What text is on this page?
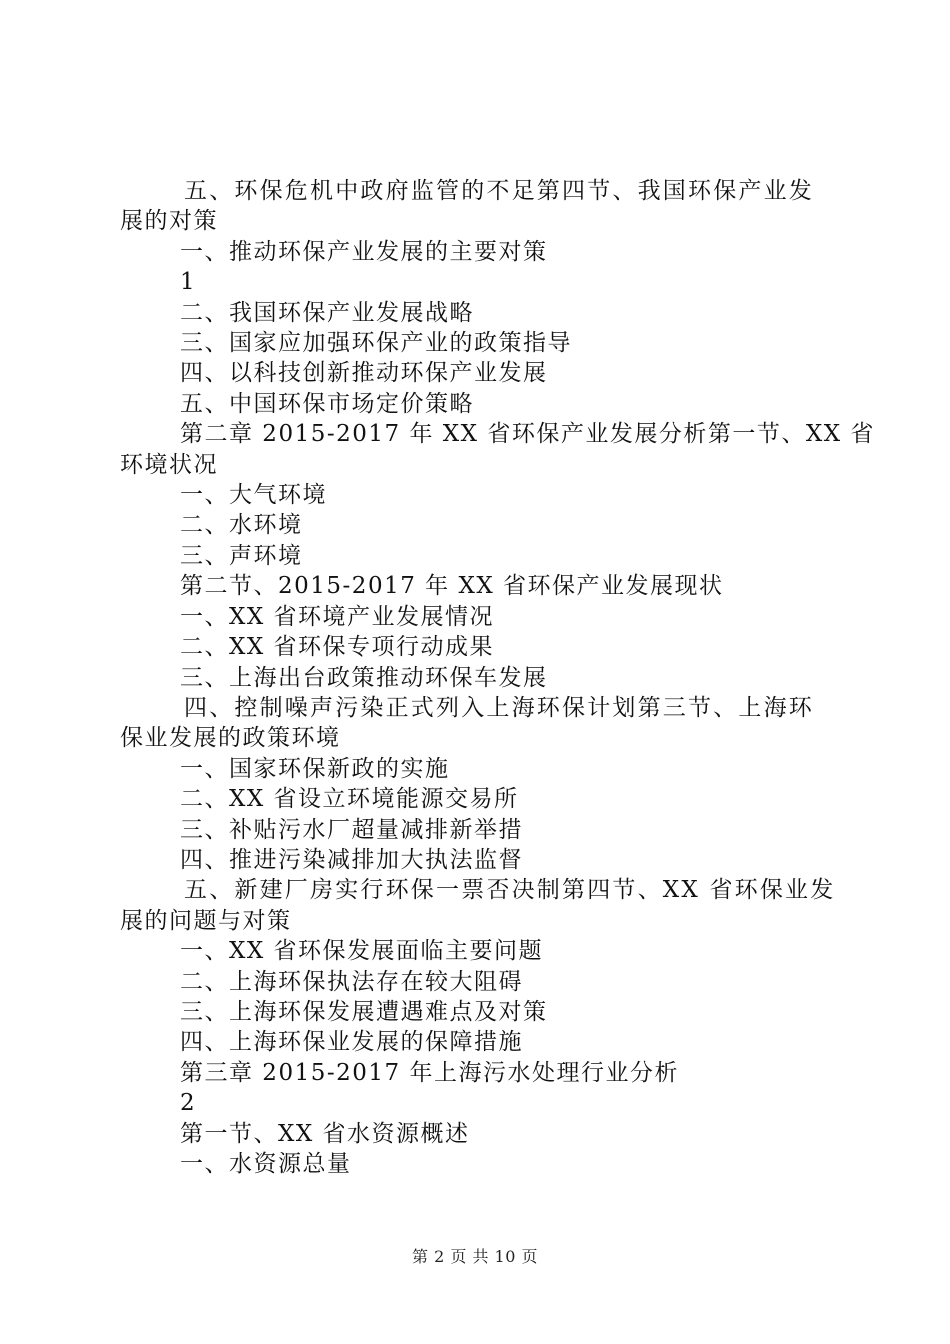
五、环保危机中政府监管的不足第四节、我国环保产业发
展的对策
一、推动环保产业发展的主要对策
1
二、我国环保产业发展战略
三、国家应加强环保产业的政策指导
四、以科技创新推动环保产业发展
五、中国环保市场定价策略
第二章 2015-2017 年 XX 省环保产业发展分析第一节、XX 省
环境状况
一、大气环境
二、水环境
三、声环境
第二节、2015-2017 年 XX 省环保产业发展现状
一、XX 省环境产业发展情况
二、XX 省环保专项行动成果
三、上海出台政策推动环保车发展
四、控制噪声污染正式列入上海环保计划第三节、上海环
保业发展的政策环境
一、国家环保新政的实施
二、XX 省设立环境能源交易所
三、补贴污水厂超量减排新举措
四、推进污染减排加大执法监督
五、新建厂房实行环保一票否决制第四节、XX 省环保业发
展的问题与对策
一、XX 省环保发展面临主要问题
二、上海环保执法存在较大阻碍
三、上海环保发展遭遇难点及对策
四、上海环保业发展的保障措施
第三章 2015-2017 年上海污水处理行业分析
2
第一节、XX 省水资源概述
一、水资源总量
第 2 页 共 10 页
